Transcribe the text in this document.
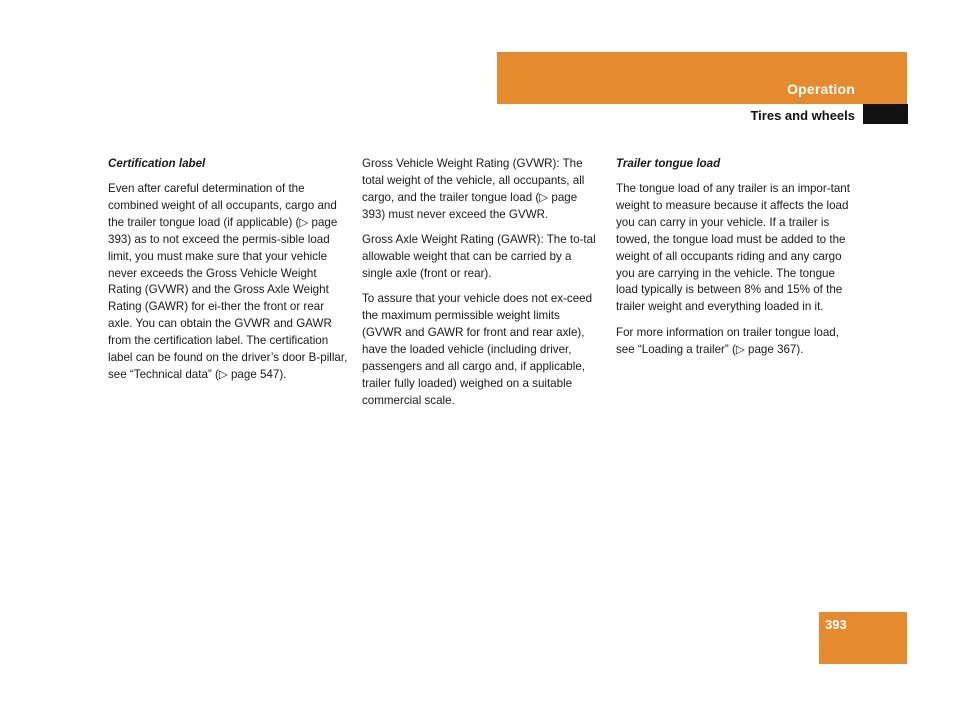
Operation
Tires and wheels
Certification label

Even after careful determination of the combined weight of all occupants, cargo and the trailer tongue load (if applicable) (▷ page 393) as to not exceed the permis-sible load limit, you must make sure that your vehicle never exceeds the Gross Vehicle Weight Rating (GVWR) and the Gross Axle Weight Rating (GAWR) for ei-ther the front or rear axle. You can obtain the GVWR and GAWR from the certification label. The certification label can be found on the driver’s door B-pillar, see “Technical data” (▷ page 547).

Gross Vehicle Weight Rating (GVWR): The total weight of the vehicle, all occupants, all cargo, and the trailer tongue load (▷ page 393) must never exceed the GVWR.

Gross Axle Weight Rating (GAWR): The to-tal allowable weight that can be carried by a single axle (front or rear).

To assure that your vehicle does not ex-ceed the maximum permissible weight limits (GVWR and GAWR for front and rear axle), have the loaded vehicle (including driver, passengers and all cargo and, if applicable, trailer fully loaded) weighed on a suitable commercial scale.

Trailer tongue load

The tongue load of any trailer is an impor-tant weight to measure because it affects the load you can carry in your vehicle. If a trailer is towed, the tongue load must be added to the weight of all occupants riding and any cargo you are carrying in the vehicle. The tongue load typically is between 8% and 15% of the trailer weight and everything loaded in it.

For more information on trailer tongue load, see “Loading a trailer” (▷ page 367).

393
